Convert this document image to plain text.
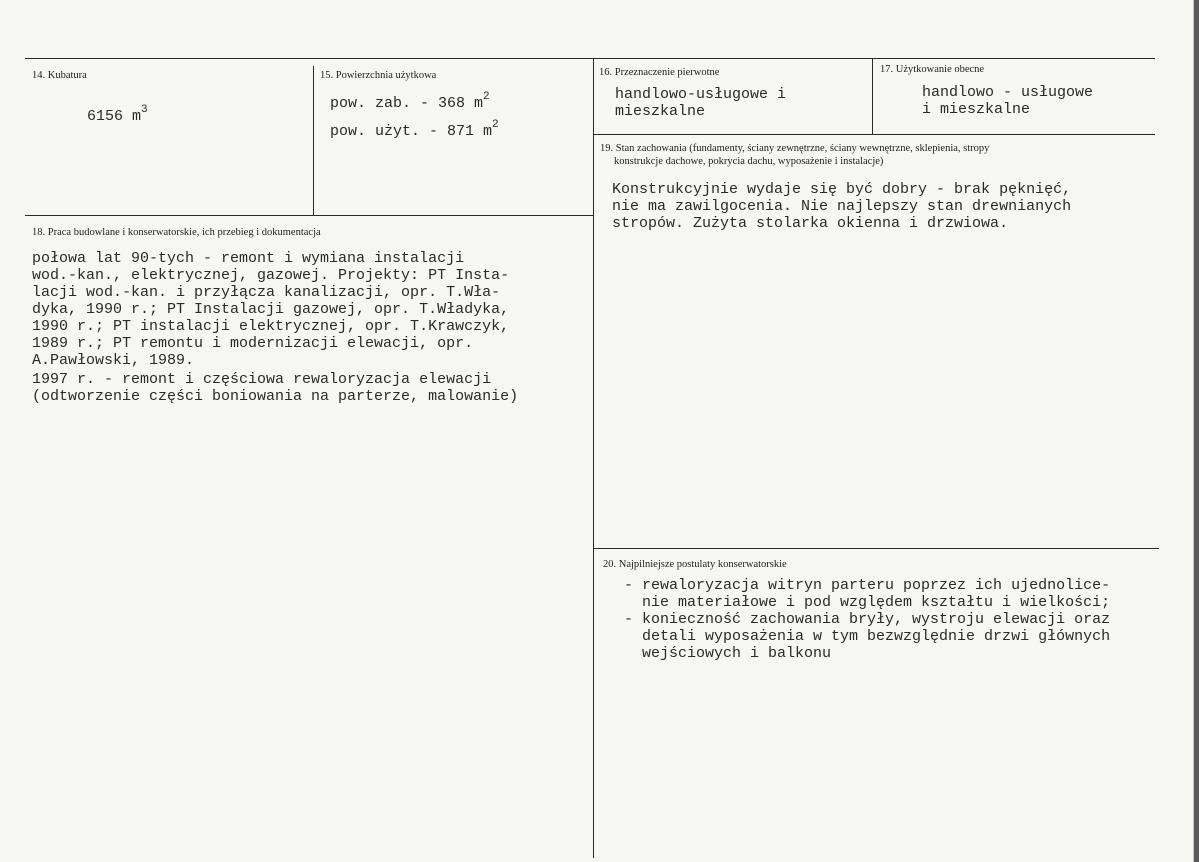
14. Kubatura
6156 $m^3$
15. Powierzchnia użytkowa
pow. zab. - 368 $m^2$
pow. użyt. - 871 $m^2$
16. Przeznaczenie pierwotne
handlowo-usługowe i
mieszkalne
17. Użytkowanie obecne
handlowo - usługowe
i mieszkalne
19. Stan zachowania (fundamenty, ściany zewnętrzne, ściany wewnętrzne, sklepienia, stropy
konstrukcje dachowe, pokrycia dachu, wyposażenie i instalacje)
Konstrukcyjnie wydaje się być dobry - brak pęknięć,
nie ma zawilgocenia. Nie najlepszy stan drewnianych
stropów. Zużyta stolarka okienna i drzwiowa.
18. Praca budowlane i konserwatorskie, ich przebieg i dokumentacja
połowa lat 90-tych - remont i wymiana instalacji
wod.-kan., elektrycznej, gazowej. Projekty: PT Insta-
lacji wod.-kan. i przyłącza kanalizacji, opr. T.Wła-
dyka, 1990 r.; PT Instalacji gazowej, opr. T.Władyka,
1990 r.; PT instalacji elektrycznej, opr. T.Krawczyk,
1989 r.; PT remontu i modernizacji elewacji, opr.
A.Pawłowski, 1989.
1997 r. - remont i częściowa rewaloryzacja elewacji
(odtworzenie części boniowania na parterze, malowanie)
20. Najpilniejsze postulaty konserwatorskie
- rewaloryzacja witryn parteru poprzez ich ujednolice-
nie materiałowe i pod względem kształtu i wielkości;
- konieczność zachowania bryły, wystroju elewacji oraz
detali wyposażenia w tym bezwzględnie drzwi głównych
wejściowych i balkonu
